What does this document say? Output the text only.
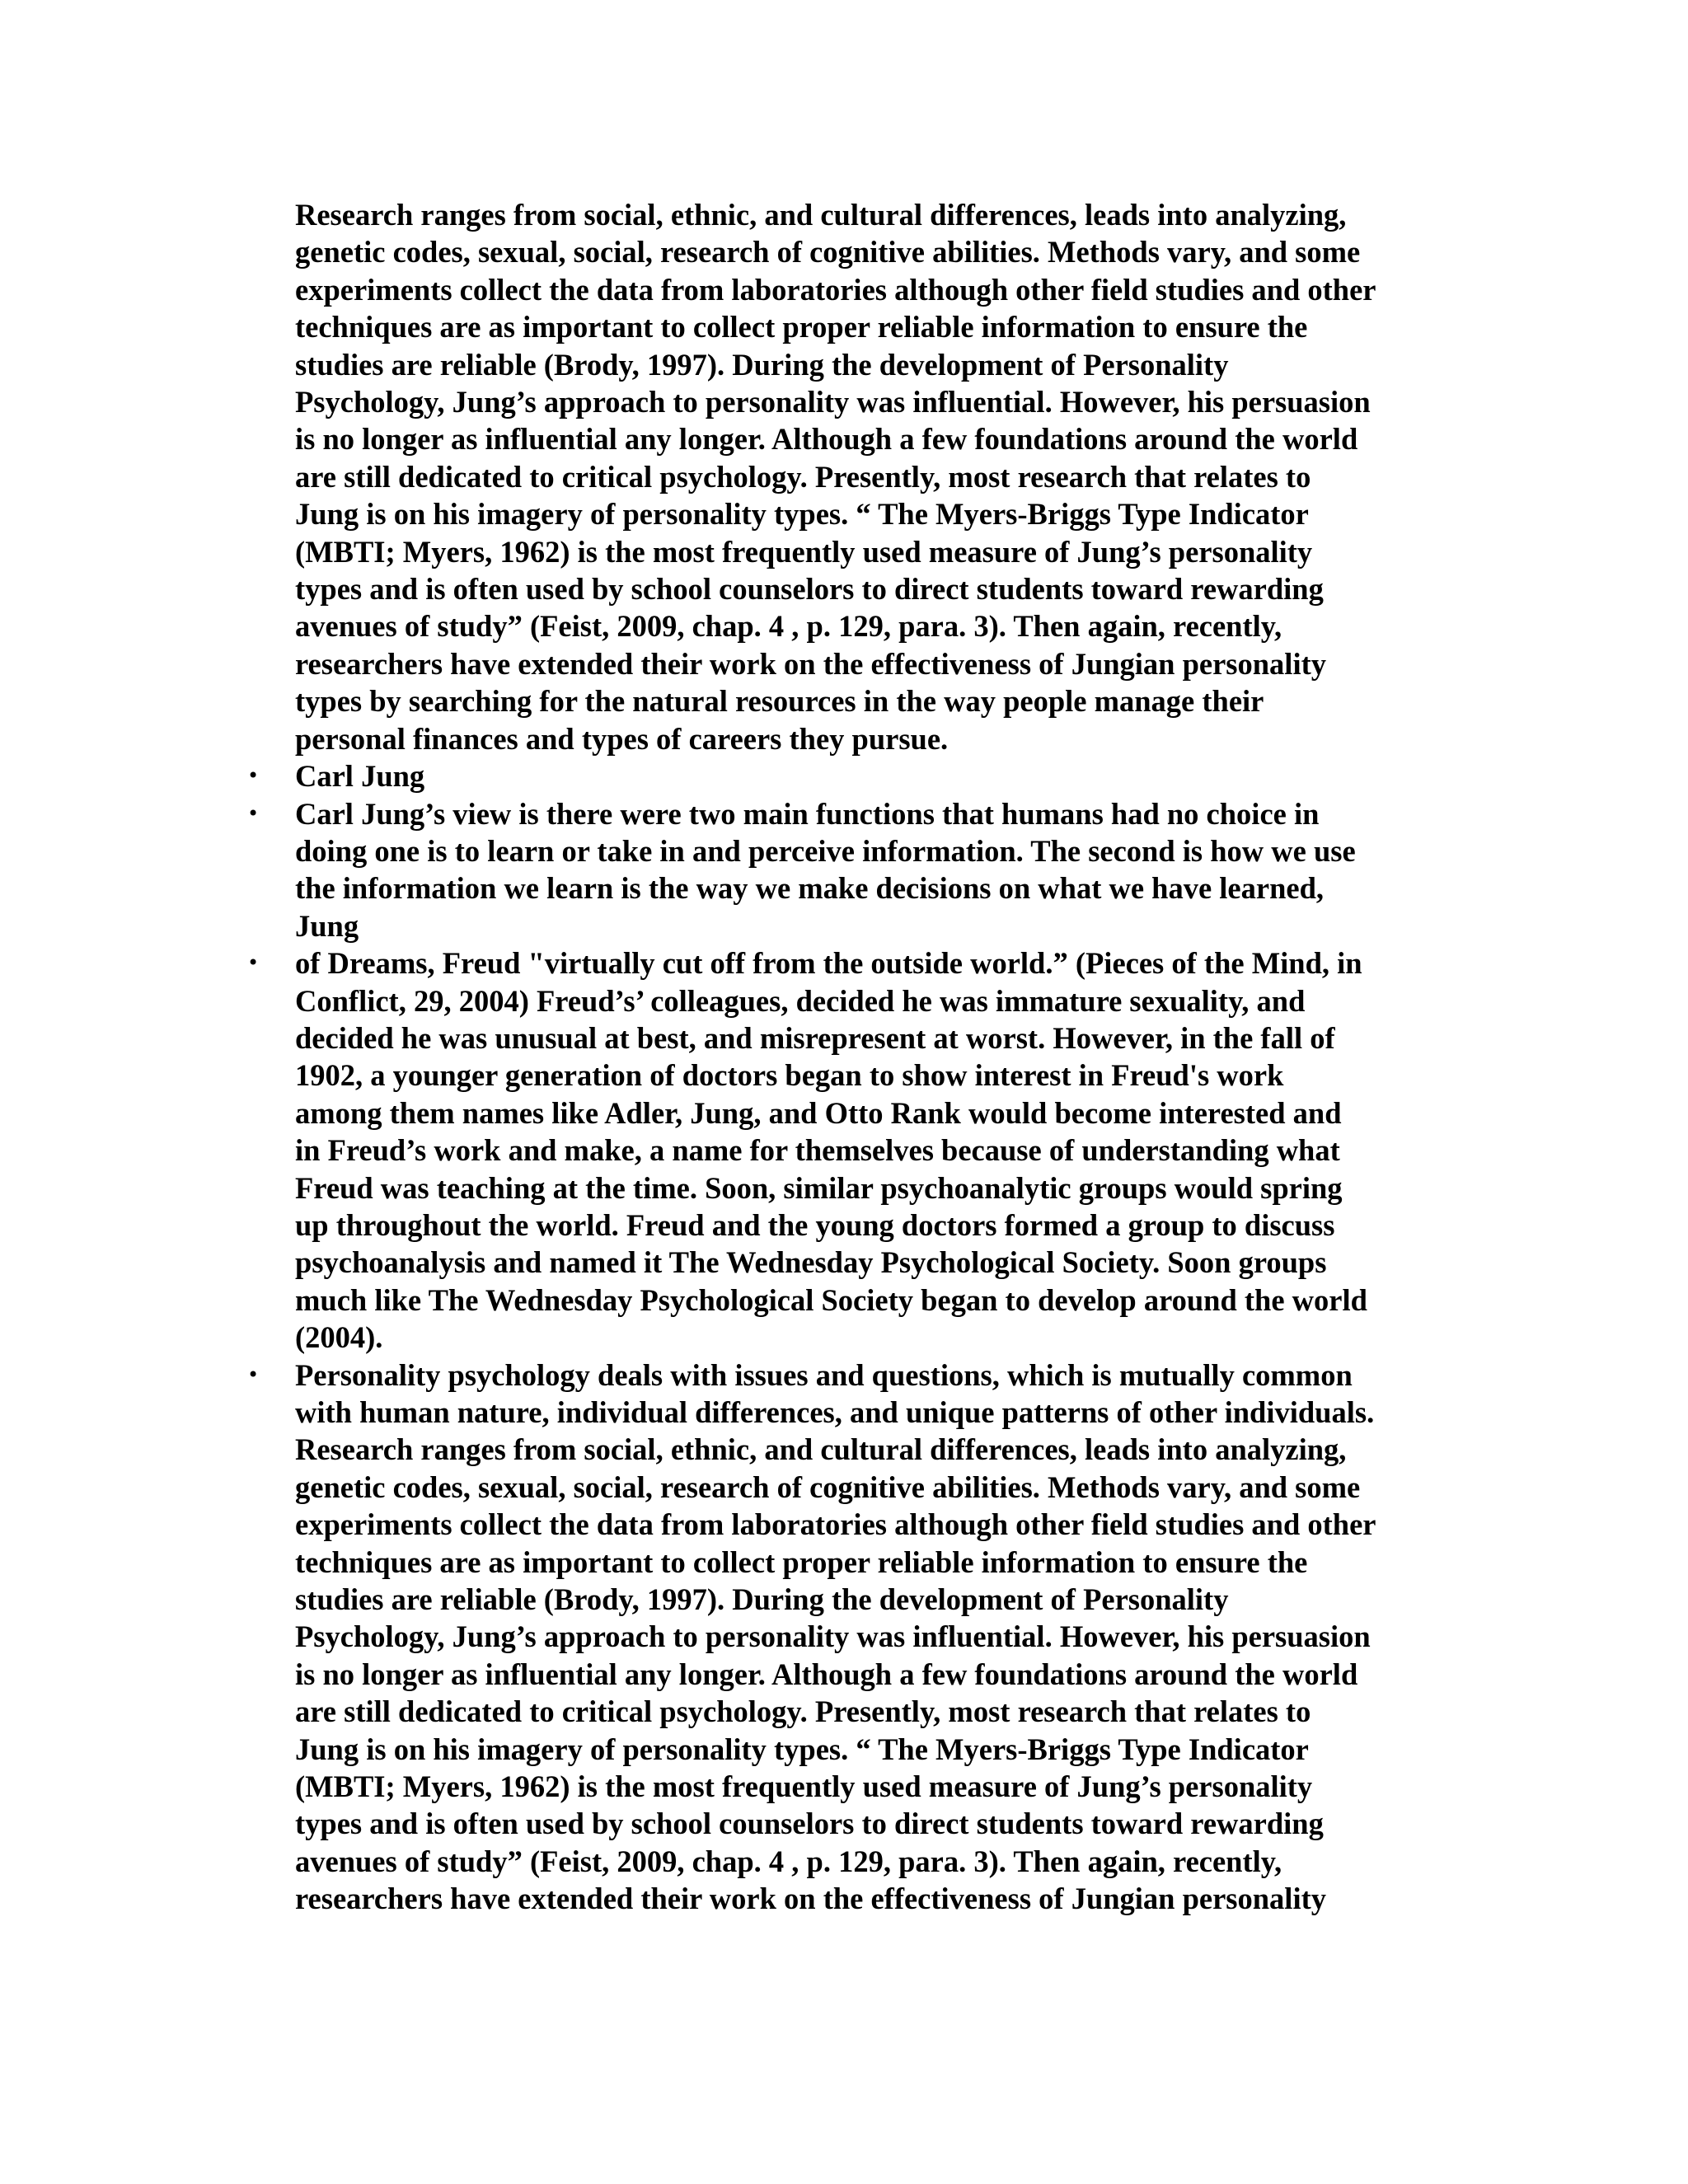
Research ranges from social, ethnic, and cultural differences, leads into analyzing,
genetic codes, sexual, social, research of cognitive abilities. Methods vary, and some
experiments collect the data from laboratories although other field studies and other
techniques are as important to collect proper reliable information to ensure the
studies are reliable (Brody, 1997). During the development of Personality
Psychology, Jung’s approach to personality was influential. However, his persuasion
is no longer as influential any longer. Although a few foundations around the world
are still dedicated to critical psychology. Presently, most research that relates to
Jung is on his imagery of personality types. “ The Myers-Briggs Type Indicator
(MBTI; Myers, 1962) is the most frequently used measure of Jung’s personality
types and is often used by school counselors to direct students toward rewarding
avenues of study” (Feist, 2009, chap. 4 , p. 129, para. 3). Then again, recently,
researchers have extended their work on the effectiveness of Jungian personality
types by searching for the natural resources in the way people manage their
personal finances and types of careers they pursue.
• Carl Jung
• Carl Jung’s view is there were two main functions that humans had no choice in
doing one is to learn or take in and perceive information. The second is how we use
the information we learn is the way we make decisions on what we have learned,
Jung
• of Dreams, Freud "virtually cut off from the outside world.” (Pieces of the Mind, in
Conflict, 29, 2004) Freud’s’ colleagues, decided he was immature sexuality, and
decided he was unusual at best, and misrepresent at worst. However, in the fall of
1902, a younger generation of doctors began to show interest in Freud's work
among them names like Adler, Jung, and Otto Rank would become interested and
in Freud’s work and make, a name for themselves because of understanding what
Freud was teaching at the time. Soon, similar psychoanalytic groups would spring
up throughout the world. Freud and the young doctors formed a group to discuss
psychoanalysis and named it The Wednesday Psychological Society. Soon groups
much like The Wednesday Psychological Society began to develop around the world
(2004).
• Personality psychology deals with issues and questions, which is mutually common
with human nature, individual differences, and unique patterns of other individuals.
Research ranges from social, ethnic, and cultural differences, leads into analyzing,
genetic codes, sexual, social, research of cognitive abilities. Methods vary, and some
experiments collect the data from laboratories although other field studies and other
techniques are as important to collect proper reliable information to ensure the
studies are reliable (Brody, 1997). During the development of Personality
Psychology, Jung’s approach to personality was influential. However, his persuasion
is no longer as influential any longer. Although a few foundations around the world
are still dedicated to critical psychology. Presently, most research that relates to
Jung is on his imagery of personality types. “ The Myers-Briggs Type Indicator
(MBTI; Myers, 1962) is the most frequently used measure of Jung’s personality
types and is often used by school counselors to direct students toward rewarding
avenues of study” (Feist, 2009, chap. 4 , p. 129, para. 3). Then again, recently,
researchers have extended their work on the effectiveness of Jungian personality
